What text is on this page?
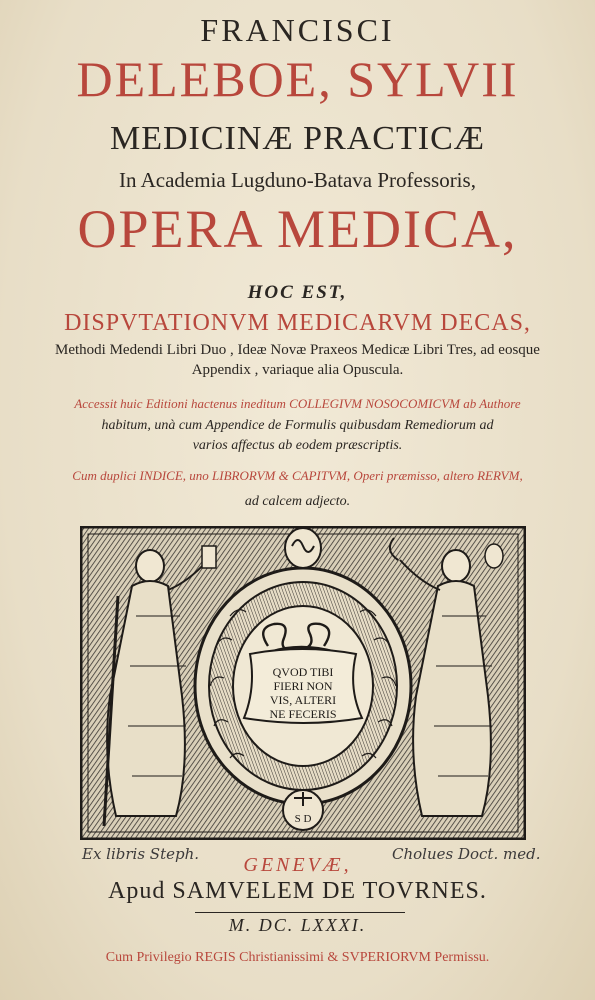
FRANCISCI
DELEBOE, SYLVII
MEDICINÆ PRACTICÆ
In Academia Lugduno-Batava Professoris,
OPERA MEDICA,
HOC EST,
DISPVTATIONVM MEDICARVM DECAS,
Methodi Medendi Libri Duo , Ideæ Novæ Praxeos Medicæ Libri Tres, ad eosque
Appendix , variaque alia Opuscula.
Accessit huic Editioni hactenus ineditum COLLEGIVM NOSOCOMICVM ab Authore
habitum, unà cum Appendice de Formulis quibusdam Remediorum ad
varios affectus ab eodem præscriptis.
Cum duplici INDICE, uno LIBRORVM & CAPITVM, Operi præmisso, altero RERVM,
ad calcem adjecto.
QVOD TIBI
FIERI NON
VIS, ALTERI
NE FECERIS
S D
Ex libris Steph.	Cholues Doct. med.
GENEVÆ,
Apud SAMVELEM DE TOVRNES.
M. DC. LXXXI.
Cum Privilegio REGIS Christianissimi & SVPERIORVM Permissu.
